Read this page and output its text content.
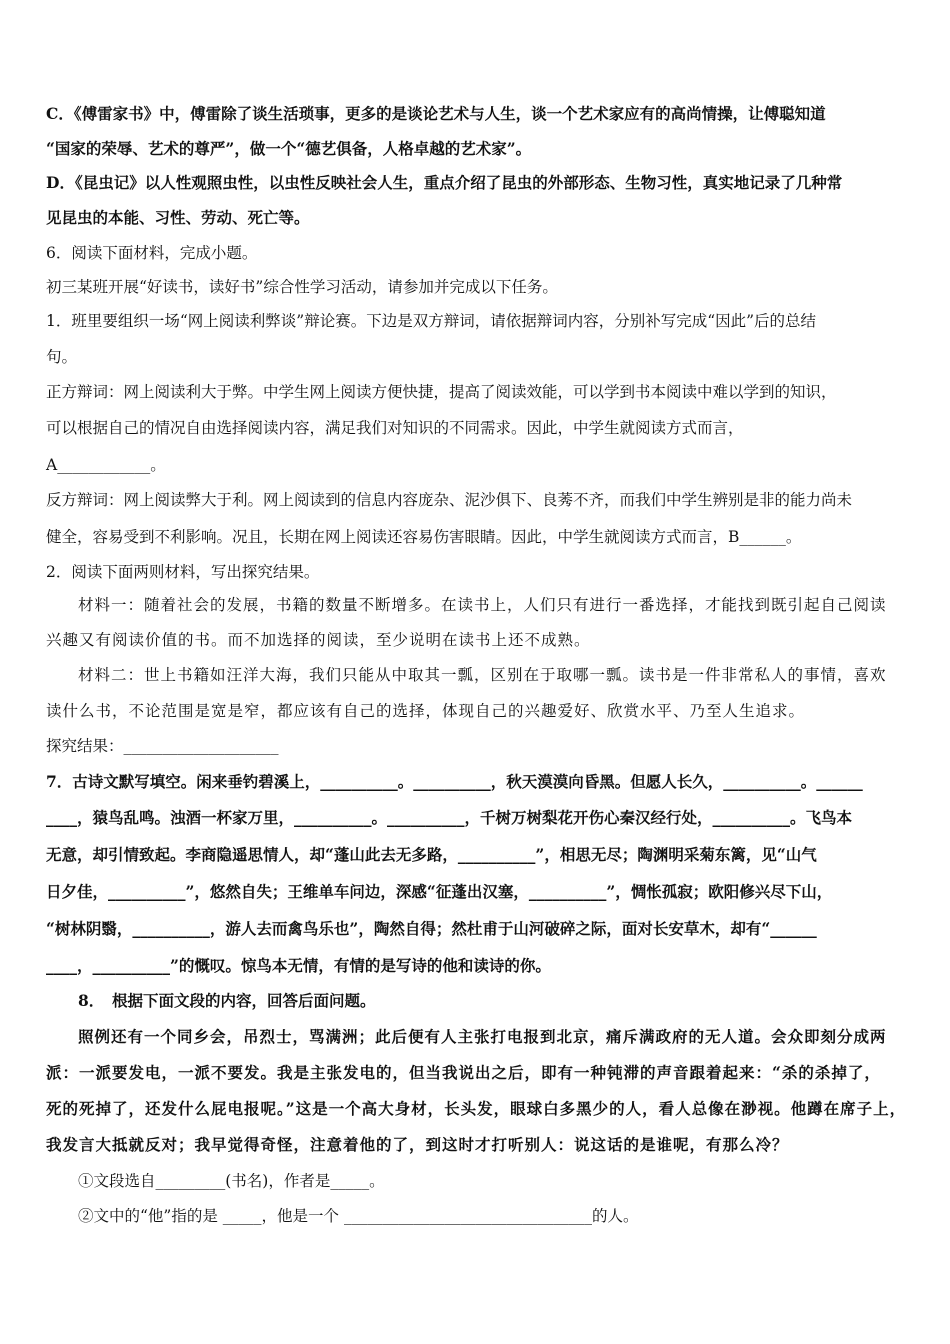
C．《傅雷家书》中，傅雷除了谈生活琐事，更多的是谈论艺术与人生，谈一个艺术家应有的高尚情操，让傅聪知道
“国家的荣辱、艺术的尊严”，做一个“德艺俱备，人格卓越的艺术家”。
D．《昆虫记》以人性观照虫性，以虫性反映社会人生，重点介绍了昆虫的外部形态、生物习性，真实地记录了几种常
见昆虫的本能、习性、劳动、死亡等。
6．阅读下面材料，完成小题。
初三某班开展“好读书，读好书”综合性学习活动，请参加并完成以下任务。
1．班里要组织一场“网上阅读利弊谈”辩论赛。下边是双方辩词，请依据辩词内容，分别补写完成“因此”后的总结
句。
正方辩词：网上阅读利大于弊。中学生网上阅读方便快捷，提高了阅读效能，可以学到书本阅读中难以学到的知识，
可以根据自己的情况自由选择阅读内容，满足我们对知识的不同需求。因此，中学生就阅读方式而言，
A____________。
反方辩词：网上阅读弊大于利。网上阅读到的信息内容庞杂、泥沙俱下、良莠不齐，而我们中学生辨别是非的能力尚未
健全，容易受到不利影响。况且，长期在网上阅读还容易伤害眼睛。因此，中学生就阅读方式而言，B______。
2．阅读下面两则材料，写出探究结果。
材料一：随着社会的发展，书籍的数量不断增多。在读书上，人们只有进行一番选择，才能找到既引起自己阅读
兴趣又有阅读价值的书。而不加选择的阅读，至少说明在读书上还不成熟。
材料二：世上书籍如汪洋大海，我们只能从中取其一瓢，区别在于取哪一瓢。读书是一件非常私人的事情，喜欢
读什么书，不论范围是宽是窄，都应该有自己的选择，体现自己的兴趣爱好、欣赏水平、乃至人生追求。
探究结果：____________________
7．古诗文默写填空。闲来垂钓碧溪上，__________。__________，秋天漠漠向昏黑。但愿人长久，__________。______
____，猿鸟乱鸣。浊酒一杯家万里，__________。__________，千树万树梨花开伤心秦汉经行处，__________。飞鸟本
无意，却引情致起。李商隐遥思情人，却“蓬山此去无多路，__________”，相思无尽；陶渊明采菊东篱，见“山气
日夕佳，__________”，悠然自失；王维单车问边，深感“征蓬出汉塞，__________”，惆怅孤寂；欧阳修兴尽下山，
“树林阴翳，__________，游人去而禽鸟乐也”，陶然自得；然杜甫于山河破碎之际，面对长安草木，却有“______
____，__________”的慨叹。惊鸟本无情，有情的是写诗的他和读诗的你。
8．　根据下面文段的内容，回答后面问题。
照例还有一个同乡会，吊烈士，骂满洲；此后便有人主张打电报到北京，痛斥满政府的无人道。会众即刻分成两
派：一派要发电，一派不要发。我是主张发电的，但当我说出之后，即有一种钝滞的声音跟着起来：“杀的杀掉了，
死的死掉了，还发什么屁电报呢。”这是一个高大身材，长头发，眼球白多黑少的人，看人总像在渺视。他蹲在席子上，
我发言大抵就反对；我早觉得奇怪，注意着他的了，到这时才打听别人：说这话的是谁呢，有那么冷？
①文段选自_________(书名)，作者是_____。
②文中的“他”指的是 _____，他是一个 ________________________________的人。
